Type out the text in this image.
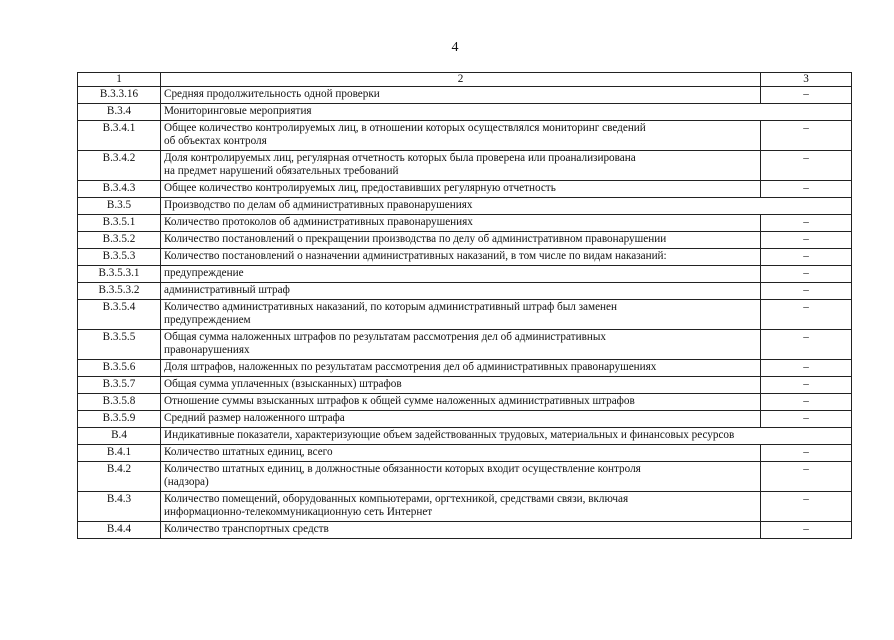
4
1	2	3
В.3.3.16	Средняя продолжительность одной проверки	–
В.3.4	Мониторинговые мероприятия	
В.3.4.1	Общее количество контролируемых лиц, в отношении которых осуществлялся мониторинг сведений
об объектах контроля	–
В.3.4.2	Доля контролируемых лиц, регулярная отчетность которых была проверена или проанализирована
на предмет нарушений обязательных требований	–
В.3.4.3	Общее количество контролируемых лиц, предоставивших регулярную отчетность	–
В.3.5	Производство по делам об административных правонарушениях	
В.3.5.1	Количество протоколов об административных правонарушениях	–
В.3.5.2	Количество постановлений о прекращении производства по делу об административном правонарушении	–
В.3.5.3	Количество постановлений о назначении административных наказаний, в том числе по видам наказаний:	–
В.3.5.3.1	предупреждение	–
В.3.5.3.2	административный штраф	–
В.3.5.4	Количество административных наказаний, по которым административный штраф был заменен
предупреждением	–
В.3.5.5	Общая сумма наложенных штрафов по результатам рассмотрения дел об административных
правонарушениях	–
В.3.5.6	Доля штрафов, наложенных по результатам рассмотрения дел об административных правонарушениях	–
В.3.5.7	Общая сумма уплаченных (взысканных) штрафов	–
В.3.5.8	Отношение суммы взысканных штрафов к общей сумме наложенных административных штрафов	–
В.3.5.9	Средний размер наложенного штрафа	–
В.4	Индикативные показатели, характеризующие объем задействованных трудовых, материальных и финансовых ресурсов	
В.4.1	Количество штатных единиц, всего	–
В.4.2	Количество штатных единиц, в должностные обязанности которых входит осуществление контроля
(надзора)	–
В.4.3	Количество помещений, оборудованных компьютерами, оргтехникой, средствами связи, включая
информационно-телекоммуникационную сеть Интернет	–
В.4.4	Количество транспортных средств	–
